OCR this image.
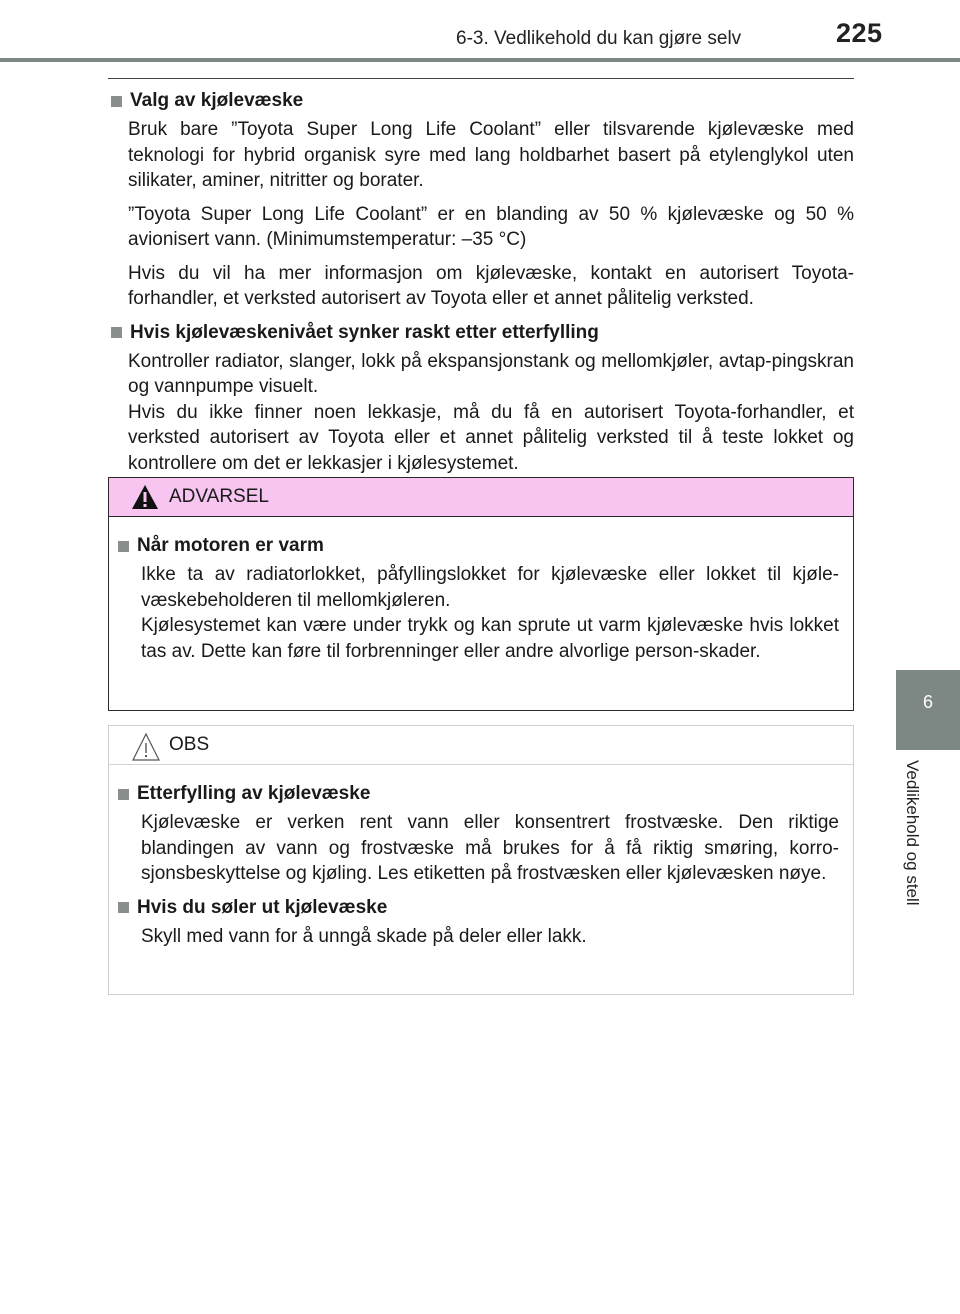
6-3. Vedlikehold du kan gjøre selv	225

Valg av kjølevæske

Bruk bare ”Toyota Super Long Life Coolant” eller tilsvarende kjølevæske med teknologi for hybrid organisk syre med lang holdbarhet basert på etylenglykol uten silikater, aminer, nitritter og borater.

”Toyota Super Long Life Coolant” er en blanding av 50 % kjølevæske og 50 % avionisert vann. (Minimumstemperatur: –35 °C)

Hvis du vil ha mer informasjon om kjølevæske, kontakt en autorisert Toyota-forhandler, et verksted autorisert av Toyota eller et annet pålitelig verksted.

Hvis kjølevæskenivået synker raskt etter etterfylling

Kontroller radiator, slanger, lokk på ekspansjonstank og mellomkjøler, avtap-pingskran og vannpumpe visuelt.

Hvis du ikke finner noen lekkasje, må du få en autorisert Toyota-forhandler, et verksted autorisert av Toyota eller et annet pålitelig verksted til å teste lokket og kontrollere om det er lekkasjer i kjølesystemet.

ADVARSEL

Når motoren er varm

Ikke ta av radiatorlokket, påfyllingslokket for kjølevæske eller lokket til kjøle-væskebeholderen til mellomkjøleren.

Kjølesystemet kan være under trykk og kan sprute ut varm kjølevæske hvis lokket tas av. Dette kan føre til forbrenninger eller andre alvorlige person-skader.

OBS

Etterfylling av kjølevæske

Kjølevæske er verken rent vann eller konsentrert frostvæske. Den riktige blandingen av vann og frostvæske må brukes for å få riktig smøring, korro-sjonsbeskyttelse og kjøling. Les etiketten på frostvæsken eller kjølevæsken nøye.

Hvis du søler ut kjølevæske

Skyll med vann for å unngå skade på deler eller lakk.

6
Vedlikehold og stell
